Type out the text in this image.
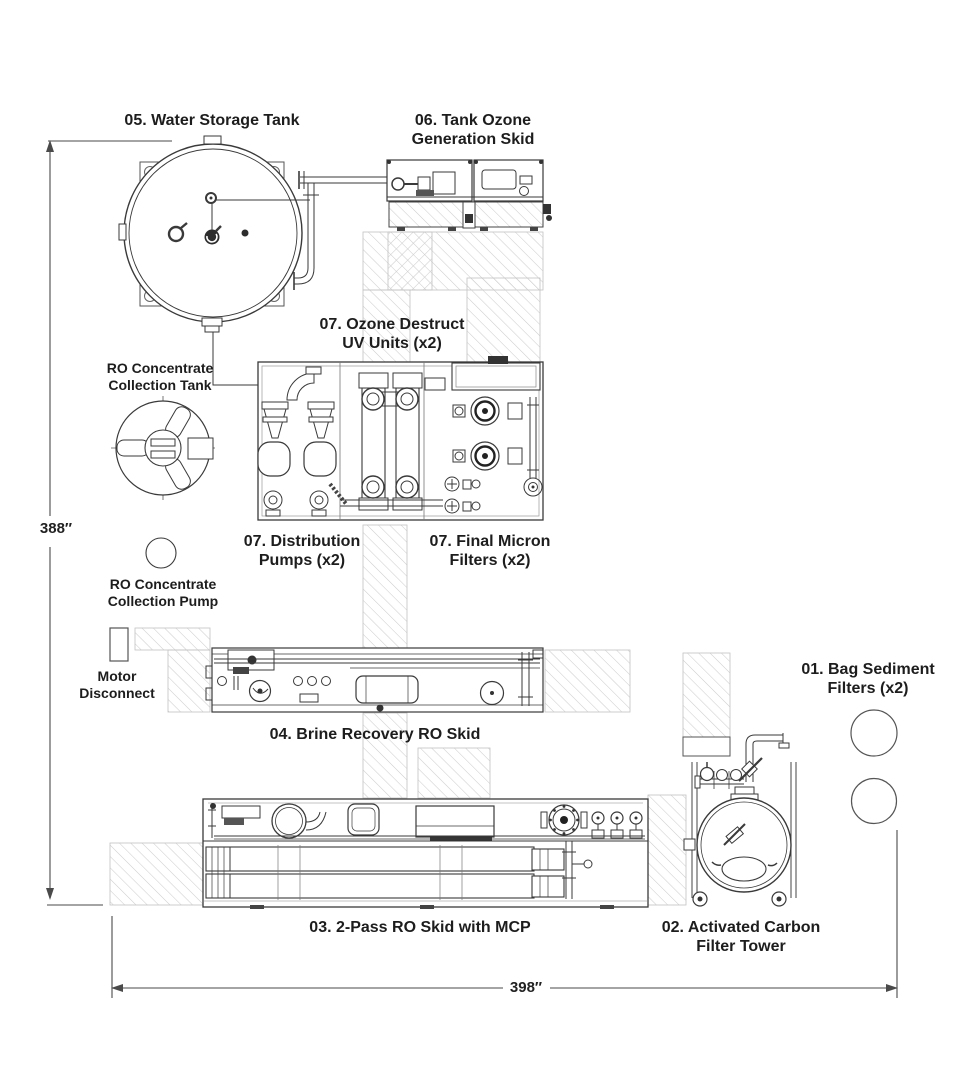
05. Water Storage Tank	06. Tank Ozone
Generation Skid
07. Ozone Destruct
UV Units (x2)
RO Concentrate
Collection Tank
07. Distribution
Pumps (x2)
07. Final Micron
Filters (x2)
RO Concentrate
Collection Pump
Motor
Disconnect
04. Brine Recovery RO Skid
01. Bag Sediment
Filters (x2)
03. 2-Pass RO Skid with MCP	02. Activated Carbon
Filter Tower
388″
398″
